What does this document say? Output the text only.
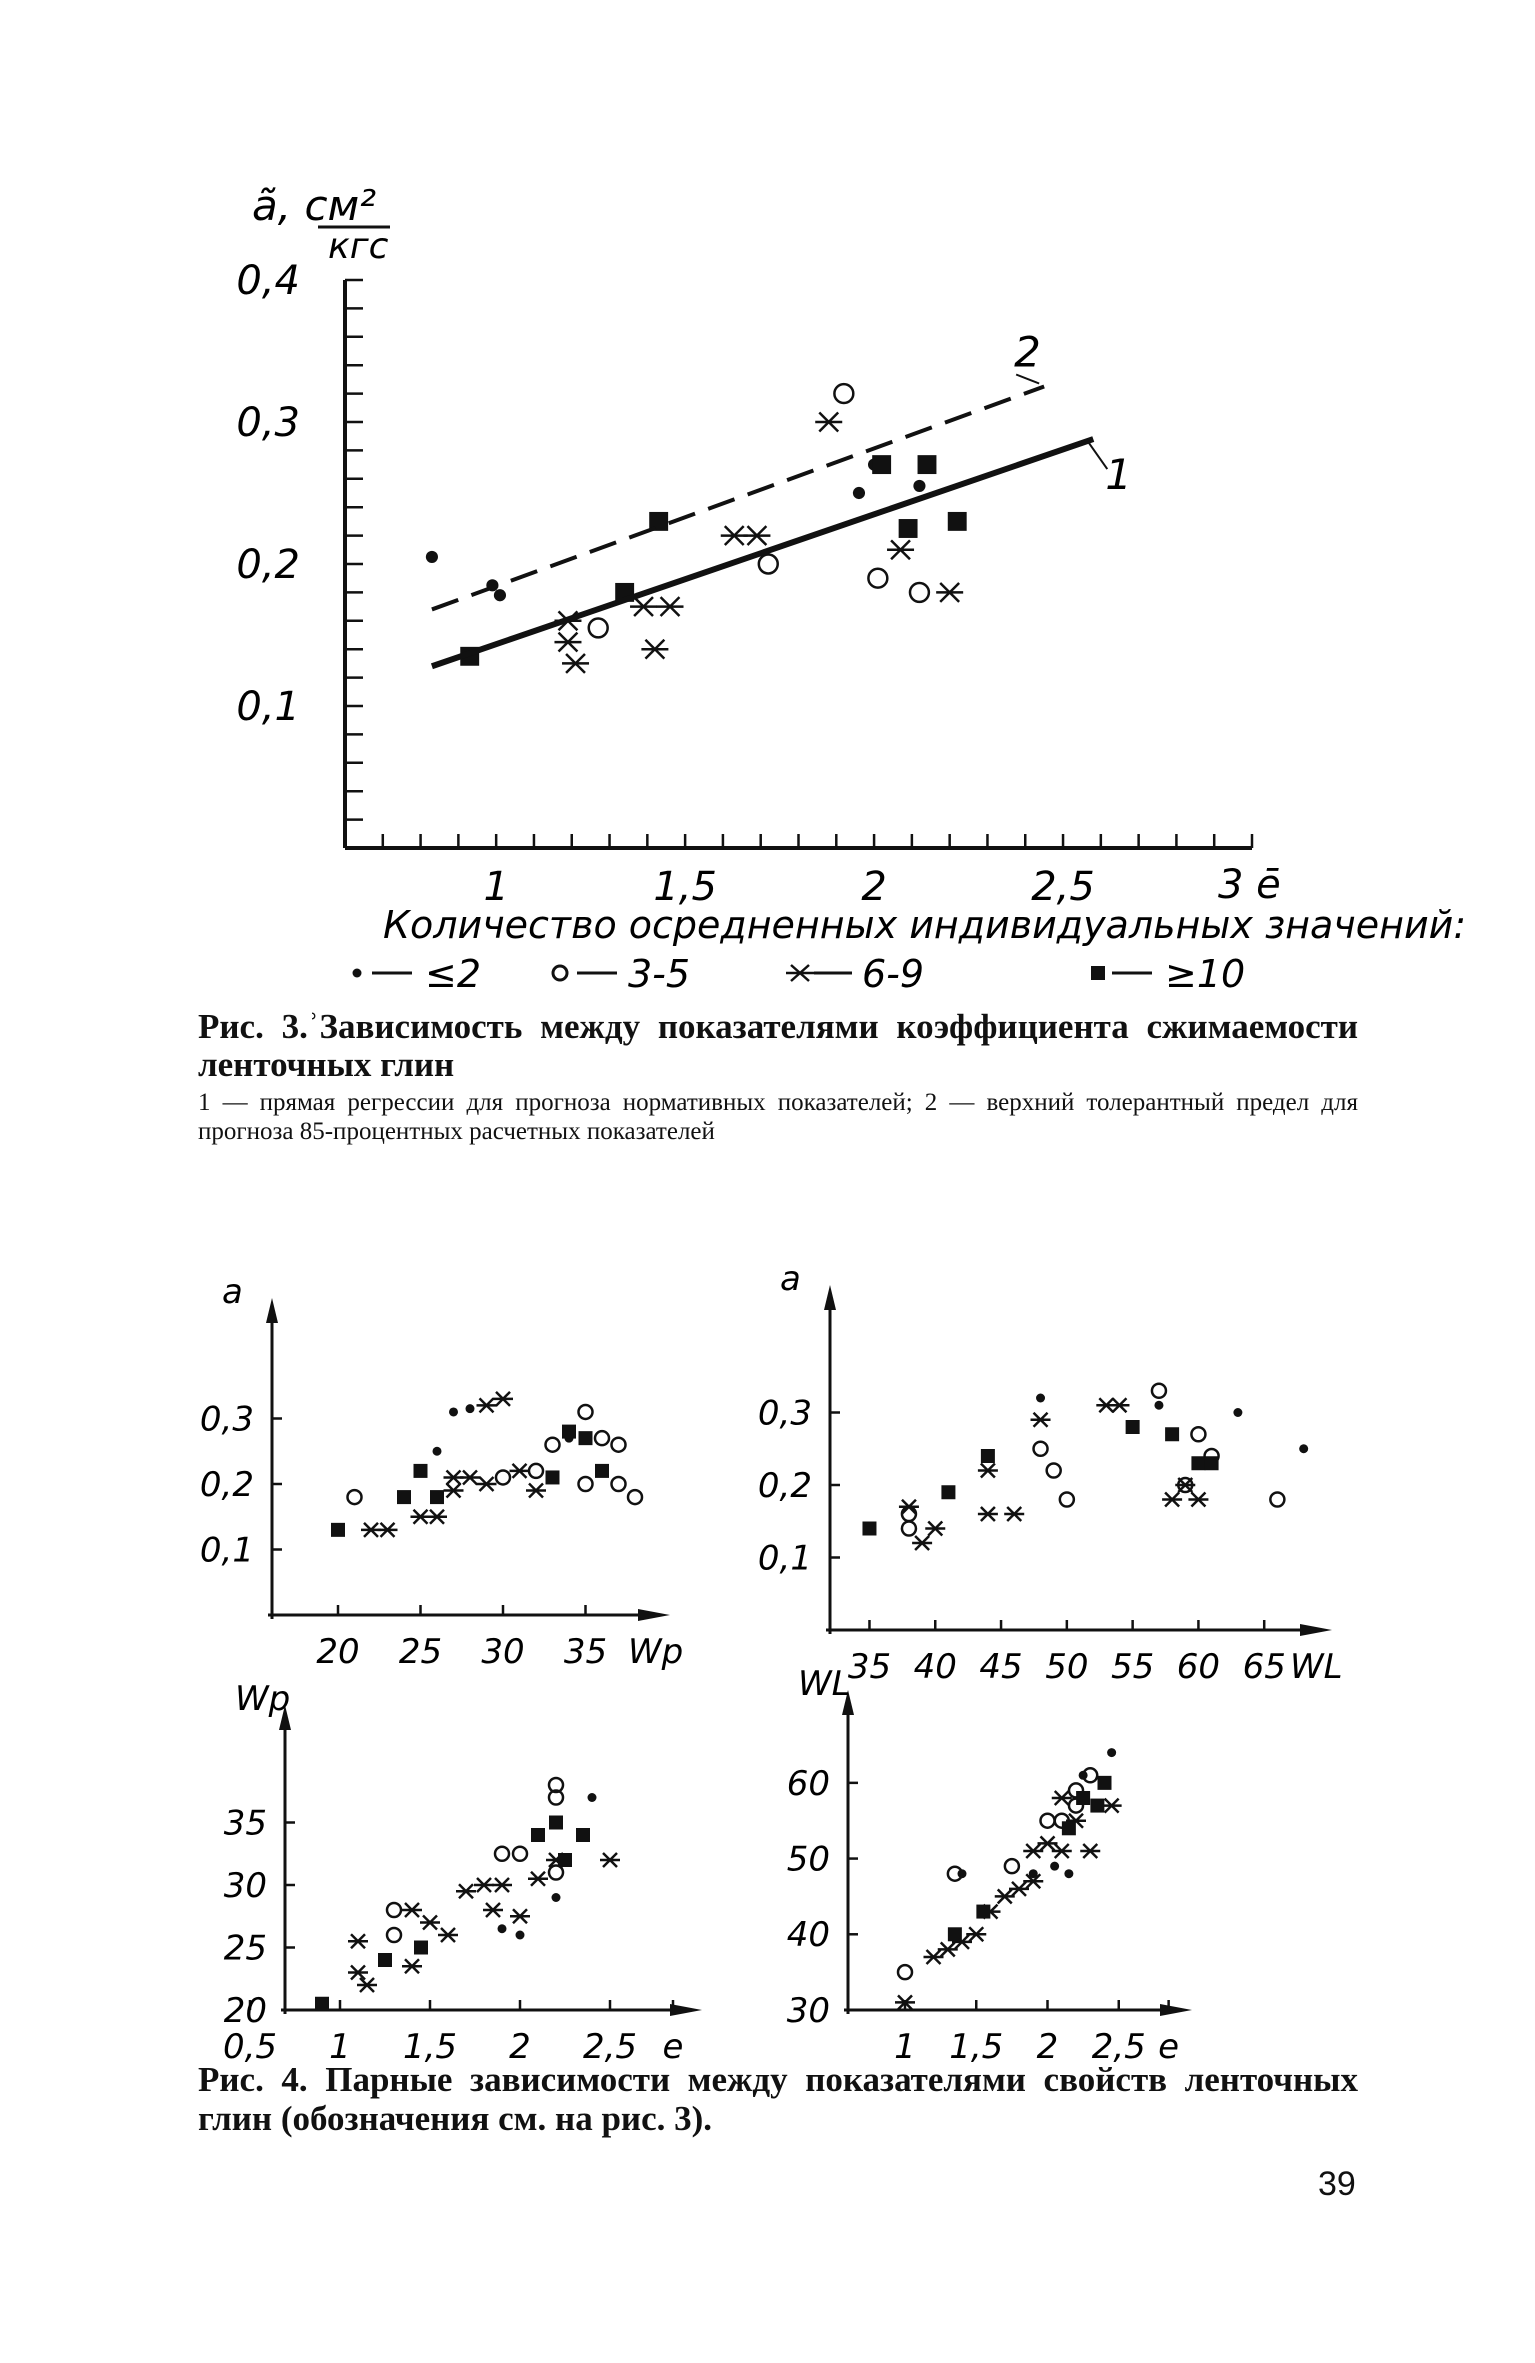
ã, см²
кгс
3 ē
Количество осредненных индивидуальных значений:
≤2	3-5	6-9	≥10
0,1
0,2
0,3
0,4
1	1,5	2	2,5
1
2
0,1
0,2
0,3
20 25 30 35
a
Wp
0,1
0,2
0,3
35 40 45 50 55 60 65
a
WL
20
25
30
35
0,5 1 1,5 2 2,5 e
Wp
30
40
50
60
1 1,5 2 2,5 e
WL
Рис. 3.ʾЗависимость между показателями коэффициента сжимаемости ленточных глин
1 — прямая регрессии для прогноза нормативных показателей; 2 — верхний толерантный предел для прогноза 85-процентных расчетных показателей
Рис. 4. Парные зависимости между показателями свойств ленточных глин (обозначения см. на рис. 3).
39
